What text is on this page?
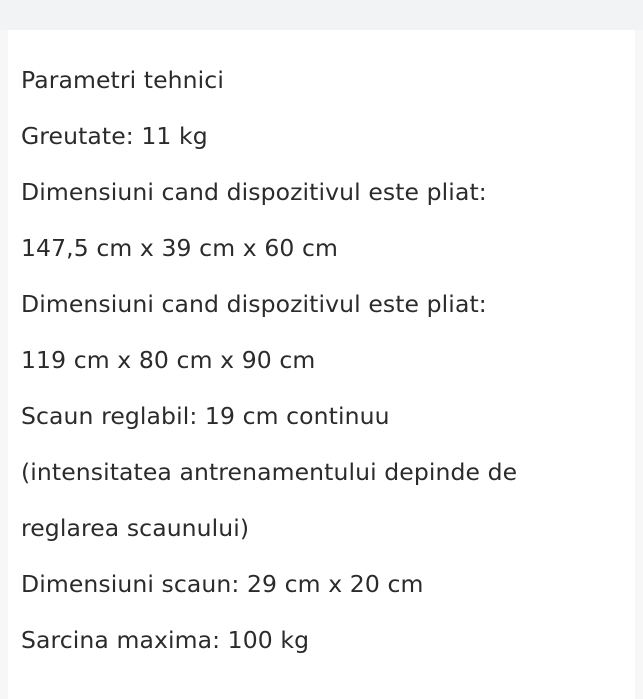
Parametri tehnici
Greutate: 11 kg
Dimensiuni cand dispozitivul este pliat:
147,5 cm x 39 cm x 60 cm
Dimensiuni cand dispozitivul este pliat:
119 cm x 80 cm x 90 cm
Scaun reglabil: 19 cm continuu
(intensitatea antrenamentului depinde de
reglarea scaunului)
Dimensiuni scaun: 29 cm x 20 cm
Sarcina maxima: 100 kg
